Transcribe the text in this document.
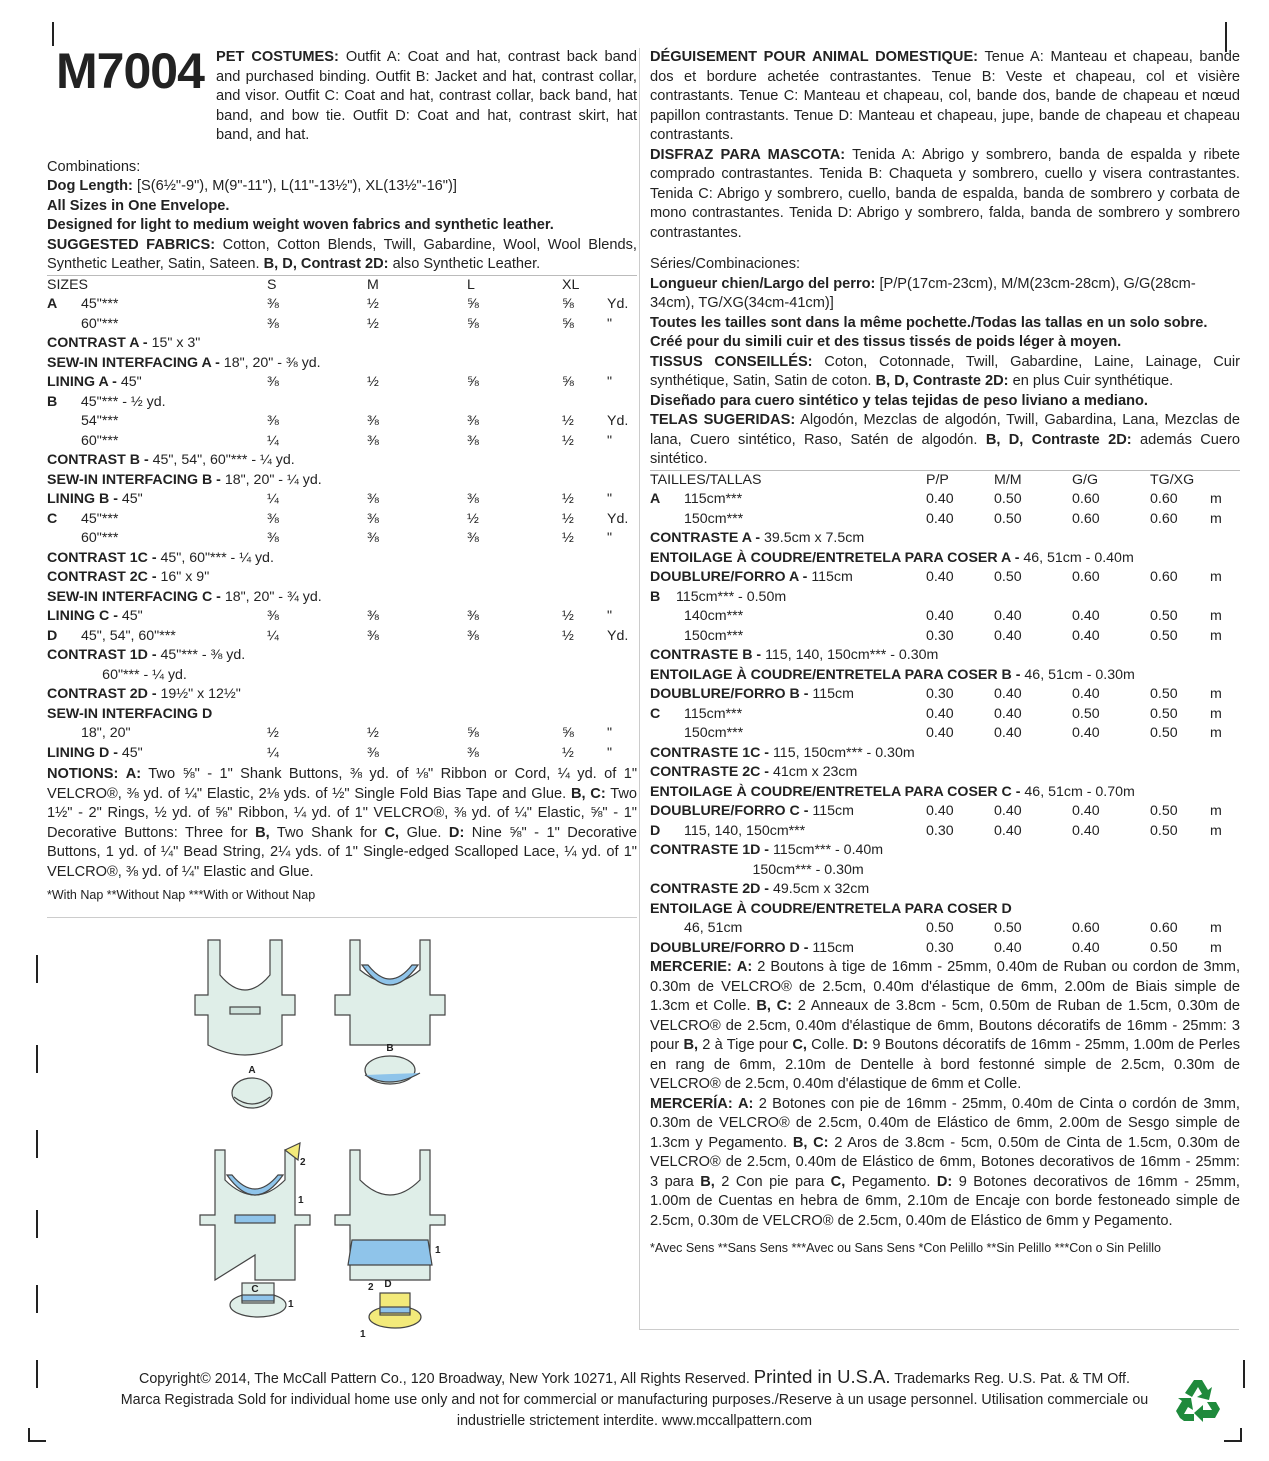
M7004 PET COSTUMES: Outfit A: Coat and hat, contrast back band and purchased binding. Outfit B: Jacket and hat, contrast collar, and visor. Outfit C: Coat and hat, contrast collar, back band, hat band, and bow tie. Outfit D: Coat and hat, contrast skirt, hat band, and hat.

Combinations:

Dog Length: [S(6½"-9"), M(9"-11"), L(11"-13½"), XL(13½"-16")]

All Sizes in One Envelope.

Designed for light to medium weight woven fabrics and synthetic leather.

SUGGESTED FABRICS: Cotton, Cotton Blends, Twill, Gabardine, Wool, Wool Blends, Synthetic Leather, Satin, Sateen. B, D, Contrast 2D: also Synthetic Leather.

SIZES		S	M	L	XL	
A	45"***	⅜	½	⅝	⅝	Yd.
	60"***	⅜	½	⅝	⅝	"
CONTRAST A - 15" x 3"						
SEW-IN INTERFACING A - 18", 20" - ⅜ yd.						
LINING A - 45"		⅜	½	⅝	⅝	"
B      45"*** - ½ yd.						
	54"***	⅜	⅜	⅜	½	Yd.
	60"***	¼	⅜	⅜	½	"
CONTRAST B - 45", 54", 60"*** - ¼ yd.						
SEW-IN INTERFACING B - 18", 20" - ¼ yd.						
LINING B - 45"		¼	⅜	⅜	½	"
C	45"***	⅜	⅜	½	½	Yd.
	60"***	⅜	⅜	⅜	½	"
CONTRAST 1C - 45", 60"*** - ¼ yd.						
CONTRAST 2C - 16" x 9"						
SEW-IN INTERFACING C - 18", 20" - ¾ yd.						
LINING C - 45"		⅜	⅜	⅜	½	"
D	45", 54", 60"***	¼	⅜	⅜	½	Yd.
CONTRAST 1D - 45"*** - ⅜ yd.						
60"*** - ¼ yd.						
CONTRAST 2D - 19½" x 12½"						
SEW-IN INTERFACING D						
	18", 20"	½	½	⅝	⅝	"
LINING D - 45"		¼	⅜	⅜	½	"

NOTIONS: A: Two ⅝" - 1" Shank Buttons, ⅜ yd. of ⅛" Ribbon or Cord, ¼ yd. of 1" VELCRO®, ⅜ yd. of ¼" Elastic, 2⅛ yds. of ½" Single Fold Bias Tape and Glue. B, C: Two 1½" - 2" Rings, ½ yd. of ⅝" Ribbon, ¼ yd. of 1" VELCRO®, ⅜ yd. of ¼" Elastic, ⅝" - 1" Decorative Buttons: Three for B, Two Shank for C, Glue. D: Nine ⅝" - 1" Decorative Buttons, 1 yd. of ¼" Bead String, 2¼ yds. of 1" Single-edged Scalloped Lace, ¼ yd. of 1" VELCRO®, ⅜ yd. of ¼" Elastic and Glue.

*With Nap **Without Nap ***With or Without Nap

DÉGUISEMENT POUR ANIMAL DOMESTIQUE: Tenue A: Manteau et chapeau, bande dos et bordure achetée contrastantes. Tenue B: Veste et chapeau, col et visière contrastants. Tenue C: Manteau et chapeau, col, bande dos, bande de chapeau et nœud papillon contrastants. Tenue D: Manteau et chapeau, jupe, bande de chapeau et chapeau contrastants.

DISFRAZ PARA MASCOTA: Tenida A: Abrigo y sombrero, banda de espalda y ribete comprado contrastantes. Tenida B: Chaqueta y sombrero, cuello y visera contrastantes. Tenida C: Abrigo y sombrero, cuello, banda de espalda, banda de sombrero y corbata de mono contrastantes. Tenida D: Abrigo y sombrero, falda, banda de sombrero y sombrero contrastantes.

Séries/Combinaciones:

Longueur chien/Largo del perro: [P/P(17cm-23cm), M/M(23cm-28cm), G/G(28cm-34cm), TG/XG(34cm-41cm)]

Toutes les tailles sont dans la même pochette./Todas las tallas en un solo sobre.

Créé pour du simili cuir et des tissus tissés de poids léger à moyen.

TISSUS CONSEILLÉS: Coton, Cotonnade, Twill, Gabardine, Laine, Lainage, Cuir synthétique, Satin, Satin de coton. B, D, Contraste 2D: en plus Cuir synthétique.

Diseñado para cuero sintético y telas tejidas de peso liviano a mediano.

TELAS SUGERIDAS: Algodón, Mezclas de algodón, Twill, Gabardina, Lana, Mezclas de lana, Cuero sintético, Raso, Satén de algodón. B, D, Contraste 2D: además Cuero sintético.

TAILLES/TALLAS		P/P	M/M	G/G	TG/XG	
A	115cm***	0.40	0.50	0.60	0.60	m
	150cm***	0.40	0.50	0.60	0.60	m
CONTRASTE A - 39.5cm x 7.5cm						
ENTOILAGE À COUDRE/ENTRETELA PARA COSER A - 46, 51cm - 0.40m						
DOUBLURE/FORRO A - 115cm		0.40	0.50	0.60	0.60	m
B    115cm*** - 0.50m						
	140cm***	0.40	0.40	0.40	0.50	m
	150cm***	0.30	0.40	0.40	0.50	m
CONTRASTE B - 115, 140, 150cm*** - 0.30m						
ENTOILAGE À COUDRE/ENTRETELA PARA COSER B - 46, 51cm - 0.30m						
DOUBLURE/FORRO B - 115cm		0.30	0.40	0.40	0.50	m
C	115cm***	0.40	0.40	0.50	0.50	m
	150cm***	0.40	0.40	0.40	0.50	m
CONTRASTE 1C - 115, 150cm*** - 0.30m						
CONTRASTE 2C - 41cm x 23cm						
ENTOILAGE À COUDRE/ENTRETELA PARA COSER C - 46, 51cm - 0.70m						
DOUBLURE/FORRO C - 115cm		0.40	0.40	0.40	0.50	m
D	115, 140, 150cm***	0.30	0.40	0.40	0.50	m
CONTRASTE 1D - 115cm*** - 0.40m						
150cm*** - 0.30m						
CONTRASTE 2D - 49.5cm x 32cm						
ENTOILAGE À COUDRE/ENTRETELA PARA COSER D						
	46, 51cm	0.50	0.50	0.60	0.60	m
DOUBLURE/FORRO D - 115cm		0.30	0.40	0.40	0.50	m

MERCERIE: A: 2 Boutons à tige de 16mm - 25mm, 0.40m de Ruban ou cordon de 3mm, 0.30m de VELCRO® de 2.5cm, 0.40m d'élastique de 6mm, 2.00m de Biais simple de 1.3cm et Colle. B, C: 2 Anneaux de 3.8cm - 5cm, 0.50m de Ruban de 1.5cm, 0.30m de VELCRO® de 2.5cm, 0.40m d'élastique de 6mm, Boutons décoratifs de 16mm - 25mm: 3 pour B, 2 à Tige pour C, Colle. D: 9 Boutons décoratifs de 16mm - 25mm, 1.00m de Perles en rang de 6mm, 2.10m de Dentelle à bord festonné simple de 2.5cm, 0.30m de VELCRO® de 2.5cm, 0.40m d'élastique de 6mm et Colle.

MERCERÍA: A: 2 Botones con pie de 16mm - 25mm, 0.40m de Cinta o cordón de 3mm, 0.30m de VELCRO® de 2.5cm, 0.40m de Elástico de 6mm, 2.00m de Sesgo simple de 1.3cm y Pegamento. B, C: 2 Aros de 3.8cm - 5cm, 0.50m de Cinta de 1.5cm, 0.30m de VELCRO® de 2.5cm, 0.40m de Elástico de 6mm, Botones decorativos de 16mm - 25mm: 3 para B, 2 Con pie para C, Pegamento. D: 9 Botones decorativos de 16mm - 25mm, 1.00m de Cuentas en hebra de 6mm, 2.10m de Encaje con borde festoneado simple de 2.5cm, 0.30m de VELCRO® de 2.5cm, 0.40m de Elástico de 6mm y Pegamento.

*Avec Sens **Sans Sens ***Avec ou Sans Sens *Con Pelillo **Sin Pelillo ***Con o Sin Pelillo

A
B
C	D
1
2
1
1
2
1
Copyright© 2014, The McCall Pattern Co., 120 Broadway, New York 10271, All Rights Reserved. Printed in U.S.A. Trademarks Reg. U.S. Pat. & TM Off.
Marca Registrada Sold for individual home use only and not for commercial or manufacturing purposes./Reserve à un usage personnel. Utilisation commerciale ou
industrielle strictement interdite. www.mccallpattern.com
